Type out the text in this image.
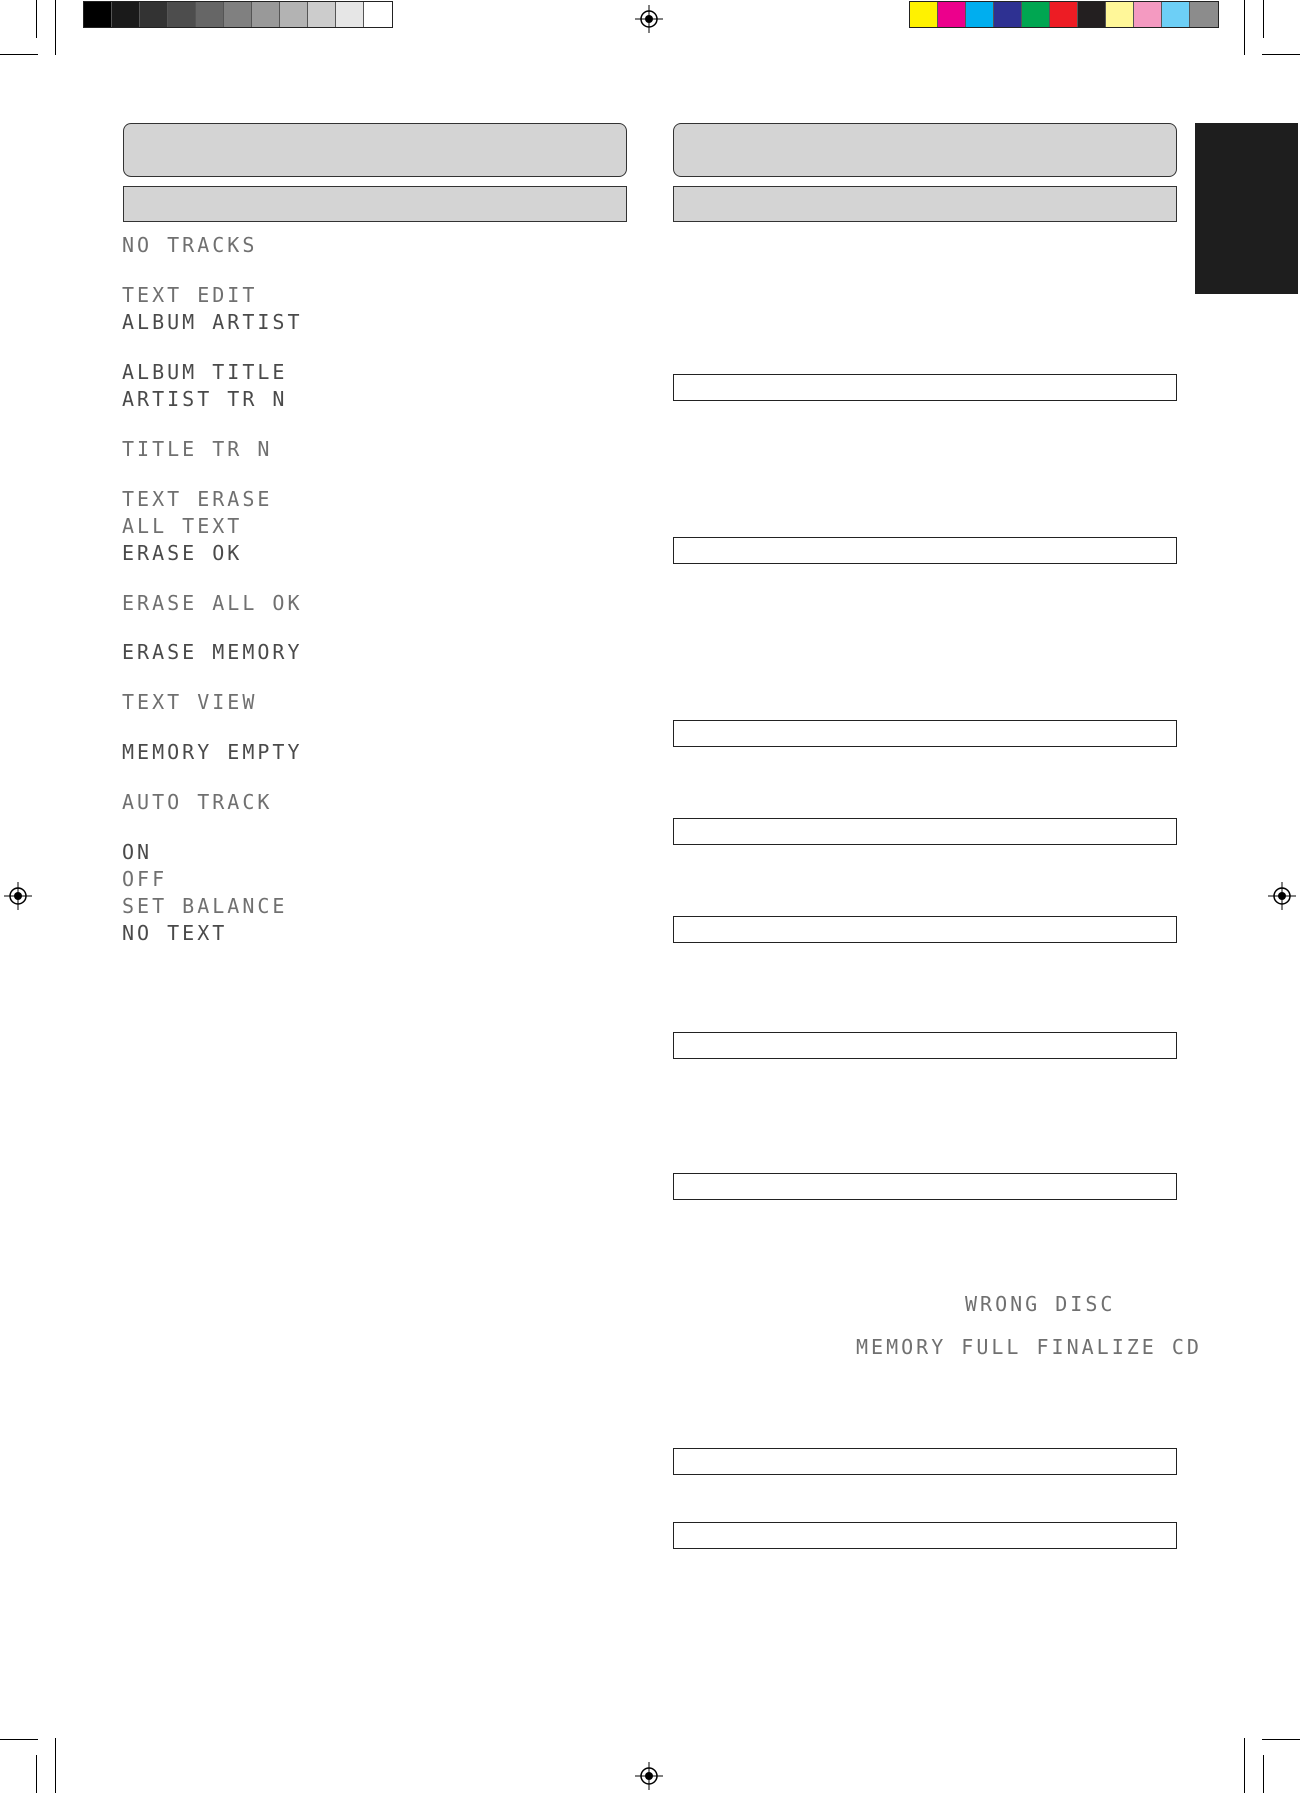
NO TRACKS
TEXT EDIT
ALBUM ARTIST
ALBUM TITLE
ARTIST TR N
TITLE TR N
TEXT ERASE
ALL TEXT
ERASE OK
ERASE ALL OK
ERASE MEMORY
TEXT VIEW
MEMORY EMPTY
AUTO TRACK
ON
OFF
SET BALANCE
NO TEXT
WRONG DISC
MEMORY FULL FINALIZE CD
